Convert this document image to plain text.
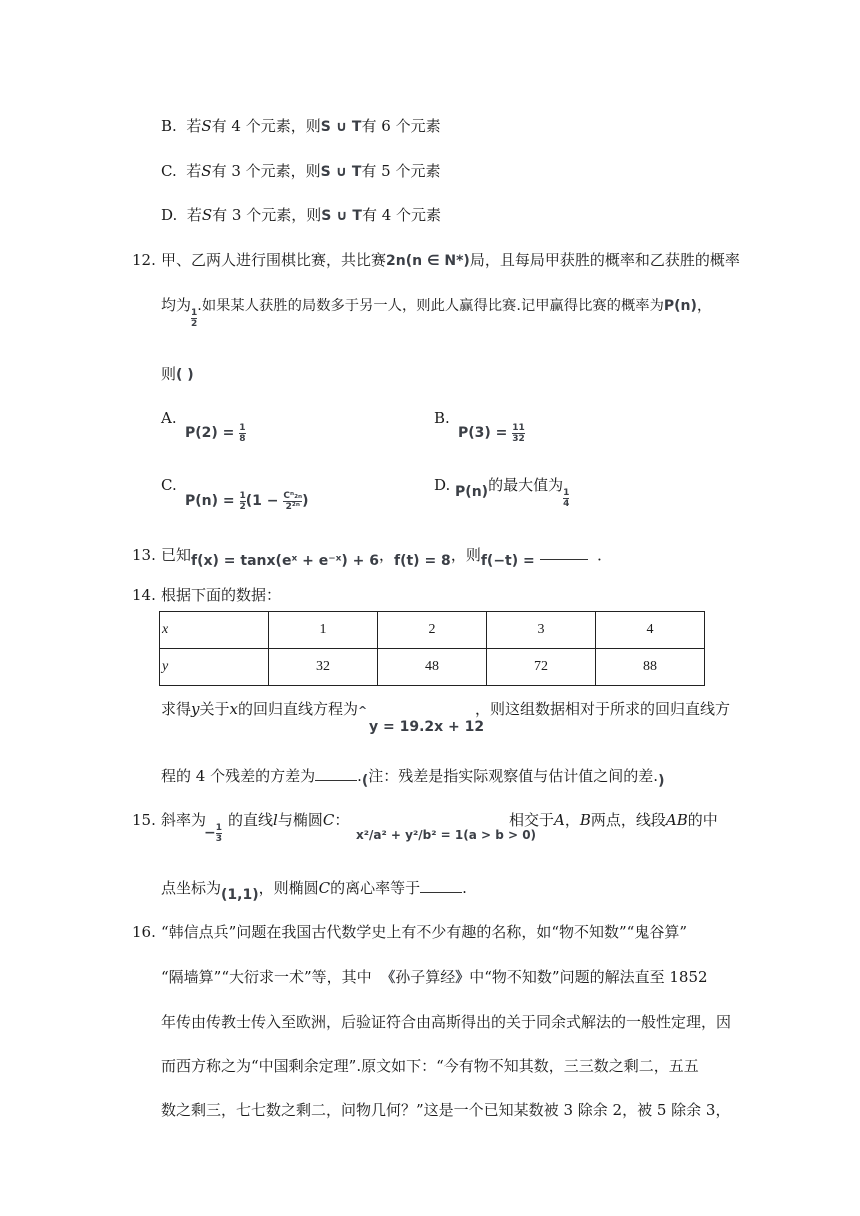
B. 若S有 4 个元素，则S ∪ T有 6 个元素
C. 若S有 3 个元素，则S ∪ T有 5 个元素
D. 若S有 3 个元素，则S ∪ T有 4 个元素
12. 甲、乙两人进行围棋比赛，共比赛2n(n ∈ N*)局，且每局甲获胜的概率和乙获胜的概率
均为$\frac{1}{2}$
.如果某人获胜的局数多于另一人，则此人赢得比赛.记甲赢得比赛的概率为P(n)，
则( )
A.
$P(2) = \frac{1}{8}$
B.
$P(3) = \frac{11}{32}$
C.
$P(n) = \frac{1}{2} (1 - \frac{\text{Cⁿ₂ₙ}}{\text{2²ⁿ}}$ )
D. P(n)的最大值为$\frac{1}{4}$
13. 已知f(x) = tanx(eˣ + e⁻ˣ) + 6，f(t) = 8，则f(−t) =	．
14. 根据下面的数据：
x	1	2	3	4
y	32	48	72	88
求得y关于x的回归直线方程为^
y = 19.2x + 12
，则这组数据相对于所求的回归直线方
程的 4 个残差的方差为	.(注：残差是指实际观察值与估计值之间的差.)
15. 斜率为
$-\frac{1}{3}$
的直线l与椭圆C：
x²/a² + y²/b² = 1(a > b > 0)
相交于A，B两点，线段AB的中
点坐标为(1,1)，则椭圆C的离心率等于	.
16. “韩信点兵”问题在我国古代数学史上有不少有趣的名称，如“物不知数”“鬼谷算”
“隔墙算”“大衍求一术”等，其中 《孙子算经》中“物不知数”问题的解法直至 1852
年传由传教士传入至欧洲，后验证符合由高斯得出的关于同余式解法的一般性定理，因
而西方称之为“中国剩余定理”.原文如下：“今有物不知其数，三三数之剩二，五五
数之剩三，七七数之剩二，问物几何？”这是一个已知某数被 3 除余 2，被 5 除余 3，
